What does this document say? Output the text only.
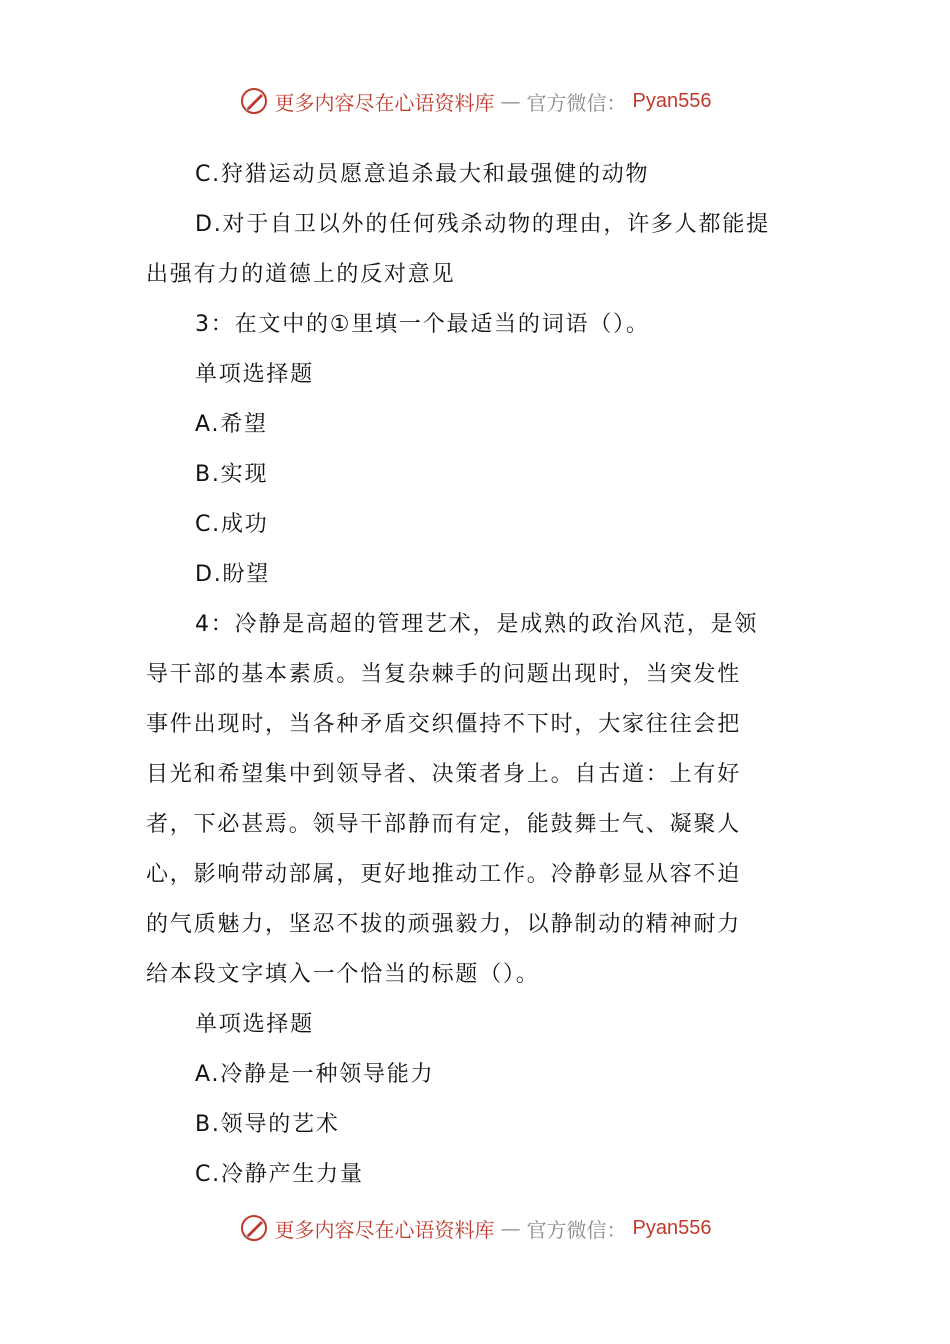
更多内容尽在心语资料库 — 官方微信： Pyan556
C.狩猎运动员愿意追杀最大和最强健的动物
D.对于自卫以外的任何残杀动物的理由，许多人都能提
出强有力的道德上的反对意见
3：在文中的①里填一个最适当的词语（）。
单项选择题
A.希望
B.实现
C.成功
D.盼望
4：冷静是高超的管理艺术，是成熟的政治风范，是领
导干部的基本素质。当复杂棘手的问题出现时，当突发性
事件出现时，当各种矛盾交织僵持不下时，大家往往会把
目光和希望集中到领导者、决策者身上。自古道：上有好
者，下必甚焉。领导干部静而有定，能鼓舞士气、凝聚人
心，影响带动部属，更好地推动工作。冷静彰显从容不迫
的气质魅力，坚忍不拔的顽强毅力，以静制动的精神耐力
给本段文字填入一个恰当的标题（）。
单项选择题
A.冷静是一种领导能力
B.领导的艺术
C.冷静产生力量
更多内容尽在心语资料库 — 官方微信： Pyan556
